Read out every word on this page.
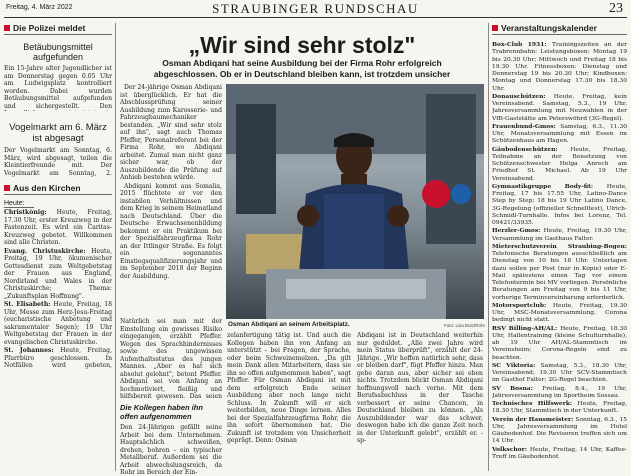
Freitag, 4. März 2022	STRAUBINGER RUNDSCHAU	23
Die Polizei meldet
Betäubungsmittel aufgefunden
Ein 15-Jahre alter Jugendlicher ist am Donnerstag gegen 0.05 Uhr am Ludwigsplatz kontrolliert worden. Dabei wurden Betäubungsmittel aufgefunden und sichergestellt. Den
Vogelmarkt am 6. März ist abgesagt
Der Vogelmarkt am Sonntag, 6. März, wird abgesagt, teilen die Kleintierfreunde mit. Der Vogelmarkt am Sonntag, 2.
Aus den Kirchen
Heute:

Christkönig: Heute, Freitag, 17.30 Uhr, erster Kreuzweg in der Fastenzeit. Es wird ein Caritas-Kreuzweg gebetet. Willkommen sind alle Christen.

Evang. Christuskirche: Heute, Freitag, 19 Uhr, ökumenischer Gottesdienst zum Weltgebetstag der Frauen aus England, Nordirland und Wales in der Christuskirche; Thema: „Zukunftsplan Hoffnung".

St. Elisabeth: Heute, Freitag, 18 Uhr, Messe zum Herz-Jesu-Freitag (eucharistische Anbetung und sakramentaler Segen); 19 Uhr Weltgebetstag der Frauen in der evangelischen Christuskirche.

St. Johannes: Heute, Freitag, Pfarrbüro geschlossen. In Notfällen wird gebeten,

„Wir sind sehr stolz"
Osman Abdiqani hat seine Ausbildung bei der Firma Rohr erfolgreich
abgeschlossen. Ob er in Deutschland bleiben kann, ist trotzdem unsicher

Der 24-jährige Osman Abdiqani ist überglücklich. Er hat die Abschlussprüfung seiner Ausbildung zum Karosserie- und Fahrzeugbaumechaniker bestanden. „Wir sind sehr stolz auf ihn", sagt auch Thomas Pfeffer, Personalreferent bei der Firma Rohr, wo Abdiqani arbeitet. Zumal man nicht ganz sicher war, ob der Auszubildende die Prüfung auf Anhieb bestehen würde.

Abdiqani kommt aus Somalia, 2015 flüchtete er vor den instabilen Verhältnissen und dem Krieg in seinem Heimatland nach Deutschland. Über die Deutsche Erwachsenenbildung bekommt er ein Praktikum bei der Spezialfahrzeugfirma Rohr an der Ittlinger Straße. Es folgt ein sogenanntes Einstiegsqualifizierungsjahr und im September 2018 der Beginn der Ausbildung.

Osman Abdiqani an seinem Arbeitsplatz.	Foto: Lisa Butz/Rohr
Natürlich sei man mit der Einstellung ein gewisses Risiko eingegangen, erzählt Pfeffer. Wegen des Sprachhindernisses sowie des ungewissen Aufenthaltsstatus des jungen Mannes. „Aber es hat sich absolut gelohnt", betont Pfeffer. Abdiqani sei von Anfang an hochmotiviert, fleißig und hilfsbereit gewesen. Das seien
Die Kollegen haben ihn offen aufgenommen
Den 24-Jährigen gefällt seine Arbeit bei dem Unternehmen. Hauptsächlich schweißen, drehen, bohren – ein typischer Metallberuf. Außerdem sei die Arbeit abwechslungsreich, da Rohr im Bereich der Ein-
zelanfertigung tätig ist. Und auch die Kollegen haben ihn von Anfang an unterstützt – bei Fragen, der Sprache, oder beim Schweinemelzen. „Da gilt mein Dank allen Mitarbeitern, dass sie ihn so offen aufgenommen haben", sagt Pfeffer. Für Osman Abdiqani ist mit dem erfolgreich Ende seiner Ausbildung aber noch lange nicht Schluss. In Zukunft will er sich weiterbilden, neue Dinge lernen. Alles bei der Spezialfahrzeugfirma Rohr, die ihn sofort übernommen hat. Die Zukunft ist trotzdem von Unsicherheit geprägt. Denn: Osman
Abdiqani ist in Deutschland weiterhin nur geduldet. „Alle zwei Jahre wird mein Status überprüft", erzählt der 24-Jährige. „Wir hoffen natürlich sehr, dass er bleiben darf", fügt Pfeffer hinzu. Man gebe daran aus, aber sicher sei eben nichts. Trotzdem blickt Osman Abdiqani hoffnungsvoll nach vorne. Mit dem Berufsabschluss in der Tasche verbessert er seine Chancen, in Deutschland bleiben zu können. „Als Auszubildender war das schwer, deswegen habe ich die ganze Zeit noch in der Unterkunft gelebt", erzählt er. -sp-
Veranstaltungskalender

Box-Club 1931: Trainingszeiten an der Trabrennbahn: Leistungsboxen: Montag 19 bis 20.30 Uhr; Mittwoch und Freitag 18 bis 19.30 Uhr. Fitnessboxen: Dienstag und Donnerstag 19 bis 20.30 Uhr; Kindboxen: Montag und Donnerstag 17.30 bis 18.30 Uhr.

Donauschützen: Heute, Freitag, kein Vereinsabend. Samstag, 5.3., 19 Uhr, Jahresversammlung mit Neuwahlen in der VfB-Gaststätte am Peterswöhrd (3G-Regel).

Frauenbund-Gmos: Samstag, 6.3., 11.30 Uhr, Monatsversammlung mit Essen im Schützenhaus am Hagen.

Gäubodenschützen: Heute, Freitag, Teilnahme an der Beisetzung von Schützenschwester Helga Anrech am Friedhof St. Michael. Ab 19 Uhr Vereinsabend.

Gymnastikgruppe Body-fit: Heute, Freitag, 17 bis 17.55 Uhr, Latino-Dance Step by Step; 18 bis 19 Uhr Latino Dance, 3G-Regelung (offizieller Schnelltest), Ulrich-Schmidl-Turnhalle. Infos bei Lorenz, Tel. 09421/33935.

Herzler-Gmos: Heute, Freitag, 19.30 Uhr, Versammlung im Gasthaus Falter.

Mieterschutzverein Straubing-Bogen: Telefonische Beratungen ausschließlich am Dienstag von 10 bis 18 Uhr. Unterlagen dazu sollen per Post (nur in Kopie) oder E-Mail spätestens einen Tag vor einem Telefontermin bei MV vorliegen. Persönliche Beratungen am Freitag von 9 bis 11 Uhr, vorherige Terminvereinbarung erforderlich.

Motorsportclub: Heute, Freitag, 19.30 Uhr, MSC-Monatsversammlung. Corona bedingt nicht statt.

RSV Billing-AH/AL: Heute, Freitag, 18.30 Uhr, Hallentraining (kleine Schulturnhalle), ab 19 Uhr AH/AL-Stammtisch im Vereinsheim; Corona-Regeln sind zu beachten.

SC Viktoria: Samstag, 5.3., 18.30 Uhr, Vereinsabend; 19.30 Uhr SCV-Stammtisch im Gasthof Falter; 2G-Regel beachten.

SV Bosna: Freitag, 8.4., 19 Uhr, Jahresversammlung im Sportheim Sossau.

Technisches Hilfswerk: Heute, Freitag, 18.30 Uhr, Stammtisch in der Unterkunft.

Verein der Hausmeister: Sonntag, 6.3., 15 Uhr, Jahresversammlung im Hotel Gäubodenhof. Die Revisoren treffen sich um 14 Uhr.

Volkschor: Heute, Freitag, 14 Uhr, Kaffee-Treff im Gäubodenhof.
